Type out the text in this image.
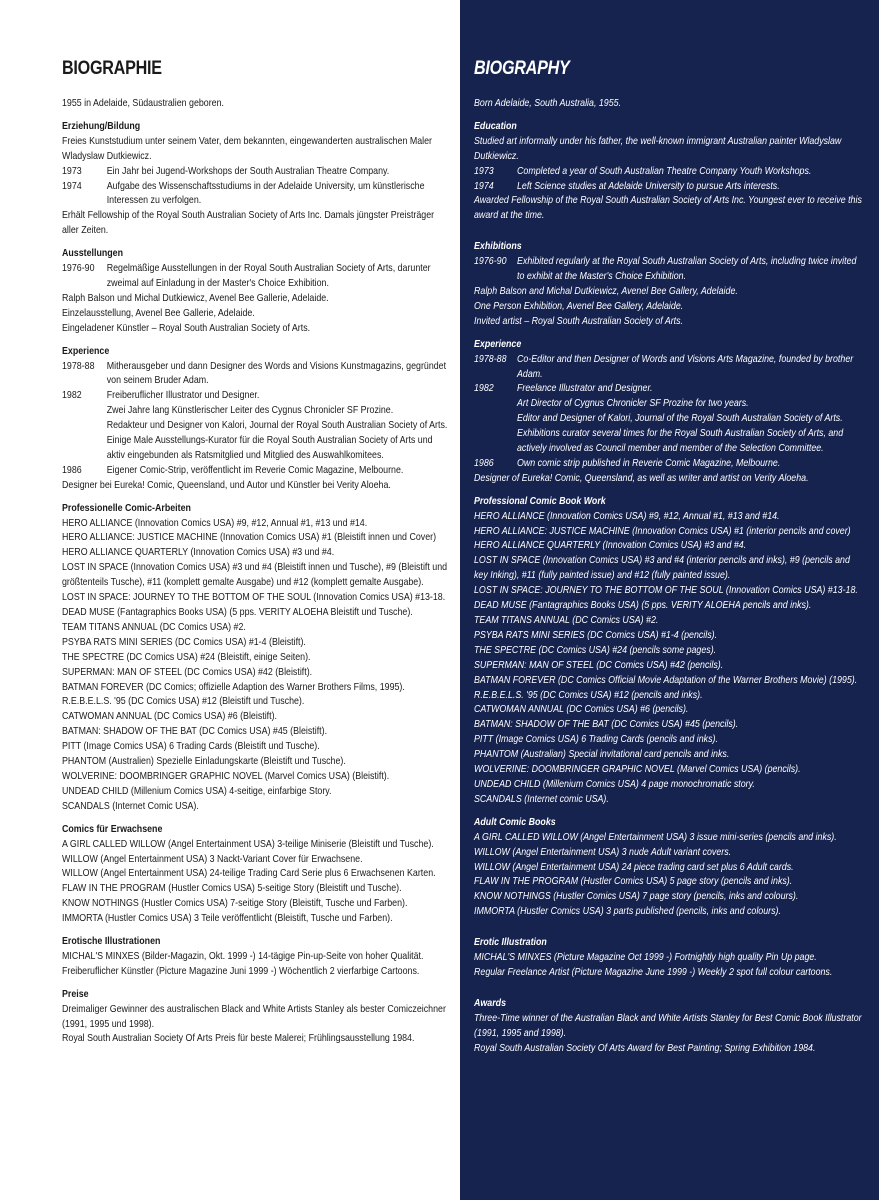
BIOGRAPHIE

1955 in Adelaide, Südaustralien geboren.

Erziehung/Bildung
Freies Kunststudium unter seinem Vater, dem bekannten, eingewanderten australischen Maler Wladyslaw Dutkiewicz.
1973	Ein Jahr bei Jugend-Workshops der South Australian Theatre Company.
1974	Aufgabe des Wissenschaftsstudiums in der Adelaide University, um künstlerische Interessen zu verfolgen.
Erhält Fellowship of the Royal South Australian Society of Arts Inc. Damals jüngster Preisträger aller Zeiten.
Ausstellungen
1976-90	Regelmäßige Ausstellungen in der Royal South Australian Society of Arts, darunter zweimal auf Einladung in der Master's Choice Exhibition.
Ralph Balson und Michal Dutkiewicz, Avenel Bee Gallerie, Adelaide.
Einzelausstellung, Avenel Bee Gallerie, Adelaide.
Eingeladener Künstler – Royal South Australian Society of Arts.
Experience
1978-88	Mitherausgeber und dann Designer des Words and Visions Kunstmagazins, gegründet von seinem Bruder Adam.
1982	Freiberuflicher Illustrator und Designer.
Zwei Jahre lang Künstlerischer Leiter des Cygnus Chronicler SF Prozine.
Redakteur und Designer von Kalori, Journal der Royal South Australian Society of Arts.
Einige Male Ausstellungs-Kurator für die Royal South Australian Society of Arts und aktiv eingebunden als Ratsmitglied und Mitglied des Auswahlkomitees.
1986	Eigener Comic-Strip, veröffentlicht im Reverie Comic Magazine, Melbourne.
Designer bei Eureka! Comic, Queensland, und Autor und Künstler bei Verity Aloeha.
Professionelle Comic-Arbeiten
HERO ALLIANCE (Innovation Comics USA) #9, #12, Annual #1, #13 und #14.
HERO ALLIANCE: JUSTICE MACHINE (Innovation Comics USA) #1 (Bleistift innen und Cover)
HERO ALLIANCE QUARTERLY (Innovation Comics USA) #3 und #4.
LOST IN SPACE (Innovation Comics USA) #3 und #4 (Bleistift innen und Tusche), #9 (Bleistift und größtenteils Tusche), #11 (komplett gemalte Ausgabe) und #12 (komplett gemalte Ausgabe).
LOST IN SPACE: JOURNEY TO THE BOTTOM OF THE SOUL (Innovation Comics USA) #13-18.
DEAD MUSE (Fantagraphics Books USA) (5 pps. VERITY ALOEHA Bleistift und Tusche).
TEAM TITANS ANNUAL (DC Comics USA) #2.
PSYBA RATS MINI SERIES (DC Comics USA) #1-4 (Bleistift).
THE SPECTRE (DC Comics USA) #24 (Bleistift, einige Seiten).
SUPERMAN: MAN OF STEEL (DC Comics USA) #42 (Bleistift).
BATMAN FOREVER (DC Comics; offizielle Adaption des Warner Brothers Films, 1995).
R.E.B.E.L.S. '95 (DC Comics USA) #12 (Bleistift und Tusche).
CATWOMAN ANNUAL (DC Comics USA) #6 (Bleistift).
BATMAN: SHADOW OF THE BAT (DC Comics USA) #45 (Bleistift).
PITT (Image Comics USA) 6 Trading Cards (Bleistift und Tusche).
PHANTOM (Australien) Spezielle Einladungskarte (Bleistift und Tusche).
WOLVERINE: DOOMBRINGER GRAPHIC NOVEL (Marvel Comics USA) (Bleistift).
UNDEAD CHILD (Millenium Comics USA) 4-seitige, einfarbige Story.
SCANDALS (Internet Comic USA).
Comics für Erwachsene
A GIRL CALLED WILLOW (Angel Entertainment USA) 3-teilige Miniserie (Bleistift und Tusche).
WILLOW (Angel Entertainment USA) 3 Nackt-Variant Cover für Erwachsene.
WILLOW (Angel Entertainment USA) 24-teilige Trading Card Serie plus 6 Erwachsenen Karten.
FLAW IN THE PROGRAM (Hustler Comics USA) 5-seitige Story (Bleistift und Tusche).
KNOW NOTHINGS (Hustler Comics USA) 7-seitige Story (Bleistift, Tusche und Farben).
IMMORTA (Hustler Comics USA) 3 Teile veröffentlicht (Bleistift, Tusche und Farben).
Erotische Illustrationen
MICHAL'S MINXES (Bilder-Magazin, Okt. 1999 -) 14-tägige Pin-up-Seite von hoher Qualität.
Freiberuflicher Künstler (Picture Magazine Juni 1999 -) Wöchentlich 2 vierfarbige Cartoons.
Preise
Dreimaliger Gewinner des australischen Black and White Artists Stanley als bester Comiczeichner (1991, 1995 und 1998).
Royal South Australian Society Of Arts Preis für beste Malerei; Frühlingsausstellung 1984.
BIOGRAPHY

Born Adelaide, South Australia, 1955.

Education
Studied art informally under his father, the well-known immigrant Australian painter Wladyslaw Dutkiewicz.
1973	Completed a year of South Australian Theatre Company Youth Workshops.
1974	Left Science studies at Adelaide University to pursue Arts interests.
Awarded Fellowship of the Royal South Australian Society of Arts Inc. Youngest ever to receive this award at the time.
Exhibitions
1976-90	Exhibited regularly at the Royal South Australian Society of Arts, including twice invited to exhibit at the Master's Choice Exhibition.
Ralph Balson and Michal Dutkiewicz, Avenel Bee Gallery, Adelaide.
One Person Exhibition, Avenel Bee Gallery, Adelaide.
Invited artist – Royal South Australian Society of Arts.
Experience
1978-88	Co-Editor and then Designer of Words and Visions Arts Magazine, founded by brother Adam.
1982	Freelance Illustrator and Designer.
Art Director of Cygnus Chronicler SF Prozine for two years.
Editor and Designer of Kalori, Journal of the Royal South Australian Society of Arts.
Exhibitions curator several times for the Royal South Australian Society of Arts, and actively involved as Council member and member of the Selection Committee.
1986	Own comic strip published in Reverie Comic Magazine, Melbourne.
Designer of Eureka! Comic, Queensland, as well as writer and artist on Verity Aloeha.
Professional Comic Book Work
HERO ALLIANCE (Innovation Comics USA) #9, #12, Annual #1, #13 and #14.
HERO ALLIANCE: JUSTICE MACHINE (Innovation Comics USA) #1 (interior pencils and cover)
HERO ALLIANCE QUARTERLY (Innovation Comics USA) #3 and #4.
LOST IN SPACE (Innovation Comics USA) #3 and #4 (interior pencils and inks), #9 (pencils and key Inking), #11 (fully painted issue) and #12 (fully painted issue).
LOST IN SPACE: JOURNEY TO THE BOTTOM OF THE SOUL (Innovation Comics USA) #13-18.
DEAD MUSE (Fantagraphics Books USA) (5 pps. VERITY ALOEHA pencils and inks).
TEAM TITANS ANNUAL (DC Comics USA) #2.
PSYBA RATS MINI SERIES (DC Comics USA) #1-4 (pencils).
THE SPECTRE (DC Comics USA) #24 (pencils some pages).
SUPERMAN: MAN OF STEEL (DC Comics USA) #42 (pencils).
BATMAN FOREVER (DC Comics Official Movie Adaptation of the Warner Brothers Movie) (1995).
R.E.B.E.L.S. '95 (DC Comics USA) #12 (pencils and inks).
CATWOMAN ANNUAL (DC Comics USA) #6 (pencils).
BATMAN: SHADOW OF THE BAT (DC Comics USA) #45 (pencils).
PITT (Image Comics USA) 6 Trading Cards (pencils and inks).
PHANTOM (Australian) Special invitational card pencils and inks.
WOLVERINE: DOOMBRINGER GRAPHIC NOVEL (Marvel Comics USA) (pencils).
UNDEAD CHILD (Millenium Comics USA) 4 page monochromatic story.
SCANDALS (Internet comic USA).
Adult Comic Books
A GIRL CALLED WILLOW (Angel Entertainment USA) 3 issue mini-series (pencils and inks).
WILLOW (Angel Entertainment USA) 3 nude Adult variant covers.
WILLOW (Angel Entertainment USA) 24 piece trading card set plus 6 Adult cards.
FLAW IN THE PROGRAM (Hustler Comics USA) 5 page story (pencils and inks).
KNOW NOTHINGS (Hustler Comics USA) 7 page story (pencils, inks and colours).
IMMORTA (Hustler Comics USA) 3 parts published (pencils, inks and colours).
Erotic Illustration
MICHAL'S MINXES (Picture Magazine Oct 1999 -) Fortnightly high quality Pin Up page.
Regular Freelance Artist (Picture Magazine June 1999 -) Weekly 2 spot full colour cartoons.
Awards
Three-Time winner of the Australian Black and White Artists Stanley for Best Comic Book Illustrator (1991, 1995 and 1998).
Royal South Australian Society Of Arts Award for Best Painting; Spring Exhibition 1984.
